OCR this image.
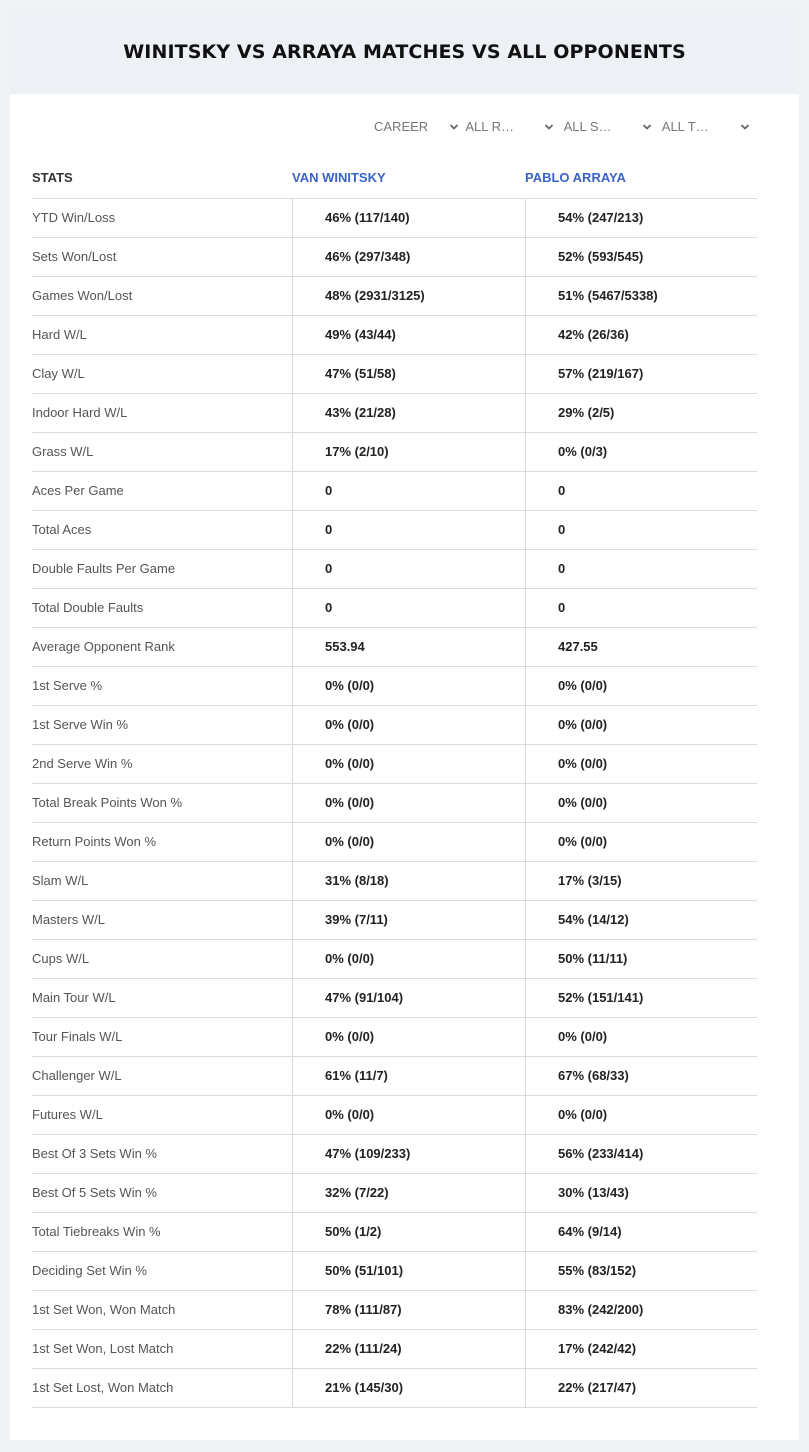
WINITSKY VS ARRAYA MATCHES VS ALL OPPONENTS
CAREER	ALL R…	ALL S…	ALL T…
STATS	VAN WINITSKY	PABLO ARRAYA
YTD Win/Loss	46% (117/140)	54% (247/213)
Sets Won/Lost	46% (297/348)	52% (593/545)
Games Won/Lost	48% (2931/3125)	51% (5467/5338)
Hard W/L	49% (43/44)	42% (26/36)
Clay W/L	47% (51/58)	57% (219/167)
Indoor Hard W/L	43% (21/28)	29% (2/5)
Grass W/L	17% (2/10)	0% (0/3)
Aces Per Game	0	0
Total Aces	0	0
Double Faults Per Game	0	0
Total Double Faults	0	0
Average Opponent Rank	553.94	427.55
1st Serve %	0% (0/0)	0% (0/0)
1st Serve Win %	0% (0/0)	0% (0/0)
2nd Serve Win %	0% (0/0)	0% (0/0)
Total Break Points Won %	0% (0/0)	0% (0/0)
Return Points Won %	0% (0/0)	0% (0/0)
Slam W/L	31% (8/18)	17% (3/15)
Masters W/L	39% (7/11)	54% (14/12)
Cups W/L	0% (0/0)	50% (11/11)
Main Tour W/L	47% (91/104)	52% (151/141)
Tour Finals W/L	0% (0/0)	0% (0/0)
Challenger W/L	61% (11/7)	67% (68/33)
Futures W/L	0% (0/0)	0% (0/0)
Best Of 3 Sets Win %	47% (109/233)	56% (233/414)
Best Of 5 Sets Win %	32% (7/22)	30% (13/43)
Total Tiebreaks Win %	50% (1/2)	64% (9/14)
Deciding Set Win %	50% (51/101)	55% (83/152)
1st Set Won, Won Match	78% (111/87)	83% (242/200)
1st Set Won, Lost Match	22% (111/24)	17% (242/42)
1st Set Lost, Won Match	21% (145/30)	22% (217/47)
